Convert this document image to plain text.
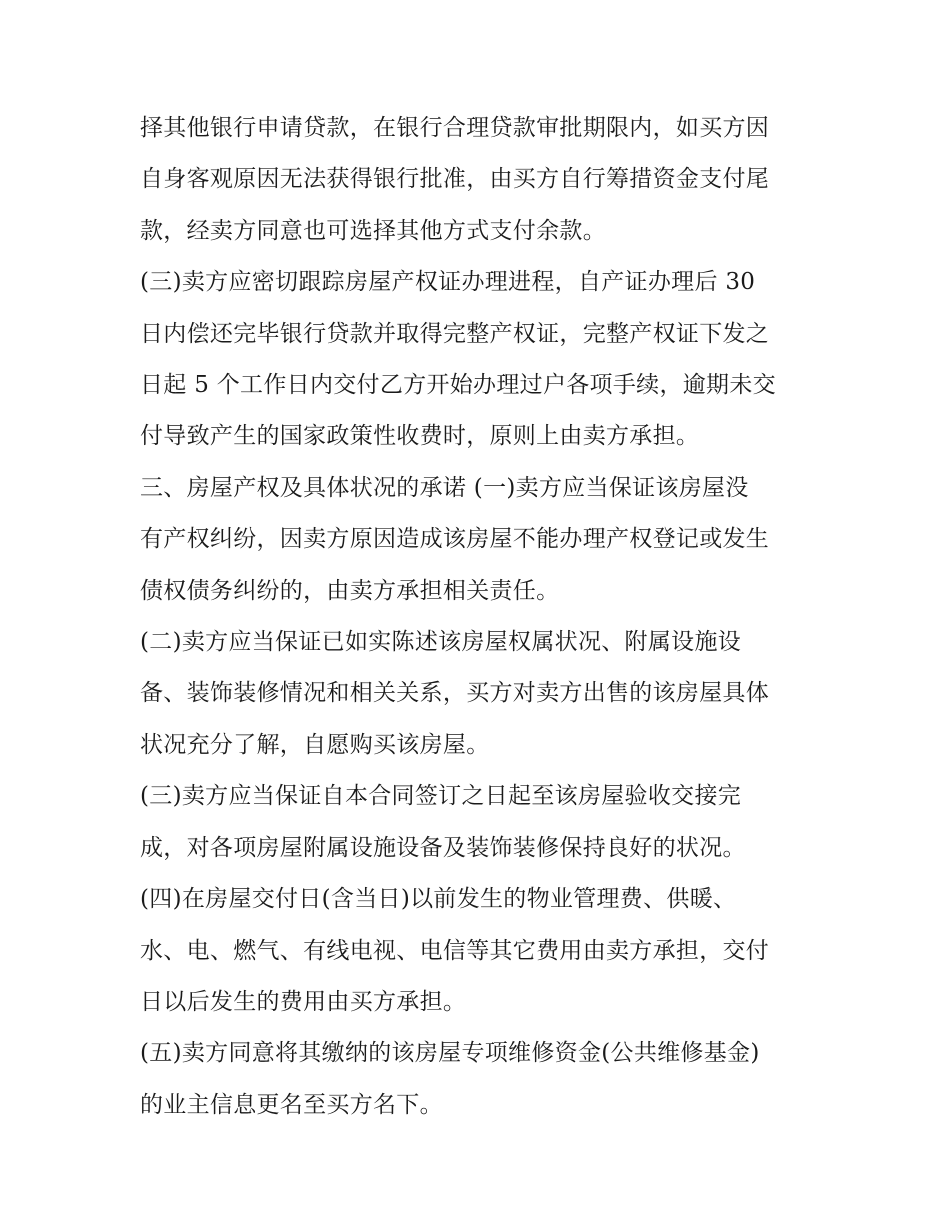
择其他银行申请贷款，在银行合理贷款审批期限内，如买方因
自身客观原因无法获得银行批准，由买方自行筹措资金支付尾
款，经卖方同意也可选择其他方式支付余款。
(三)卖方应密切跟踪房屋产权证办理进程，自产证办理后 30
日内偿还完毕银行贷款并取得完整产权证，完整产权证下发之
日起 5 个工作日内交付乙方开始办理过户各项手续，逾期未交
付导致产生的国家政策性收费时，原则上由卖方承担。
三、房屋产权及具体状况的承诺 (一)卖方应当保证该房屋没
有产权纠纷，因卖方原因造成该房屋不能办理产权登记或发生
债权债务纠纷的，由卖方承担相关责任。
(二)卖方应当保证已如实陈述该房屋权属状况、附属设施设
备、装饰装修情况和相关关系，买方对卖方出售的该房屋具体
状况充分了解，自愿购买该房屋。
(三)卖方应当保证自本合同签订之日起至该房屋验收交接完
成，对各项房屋附属设施设备及装饰装修保持良好的状况。
(四)在房屋交付日(含当日)以前发生的物业管理费、供暖、
水、电、燃气、有线电视、电信等其它费用由卖方承担，交付
日以后发生的费用由买方承担。
(五)卖方同意将其缴纳的该房屋专项维修资金(公共维修基金)
的业主信息更名至买方名下。
